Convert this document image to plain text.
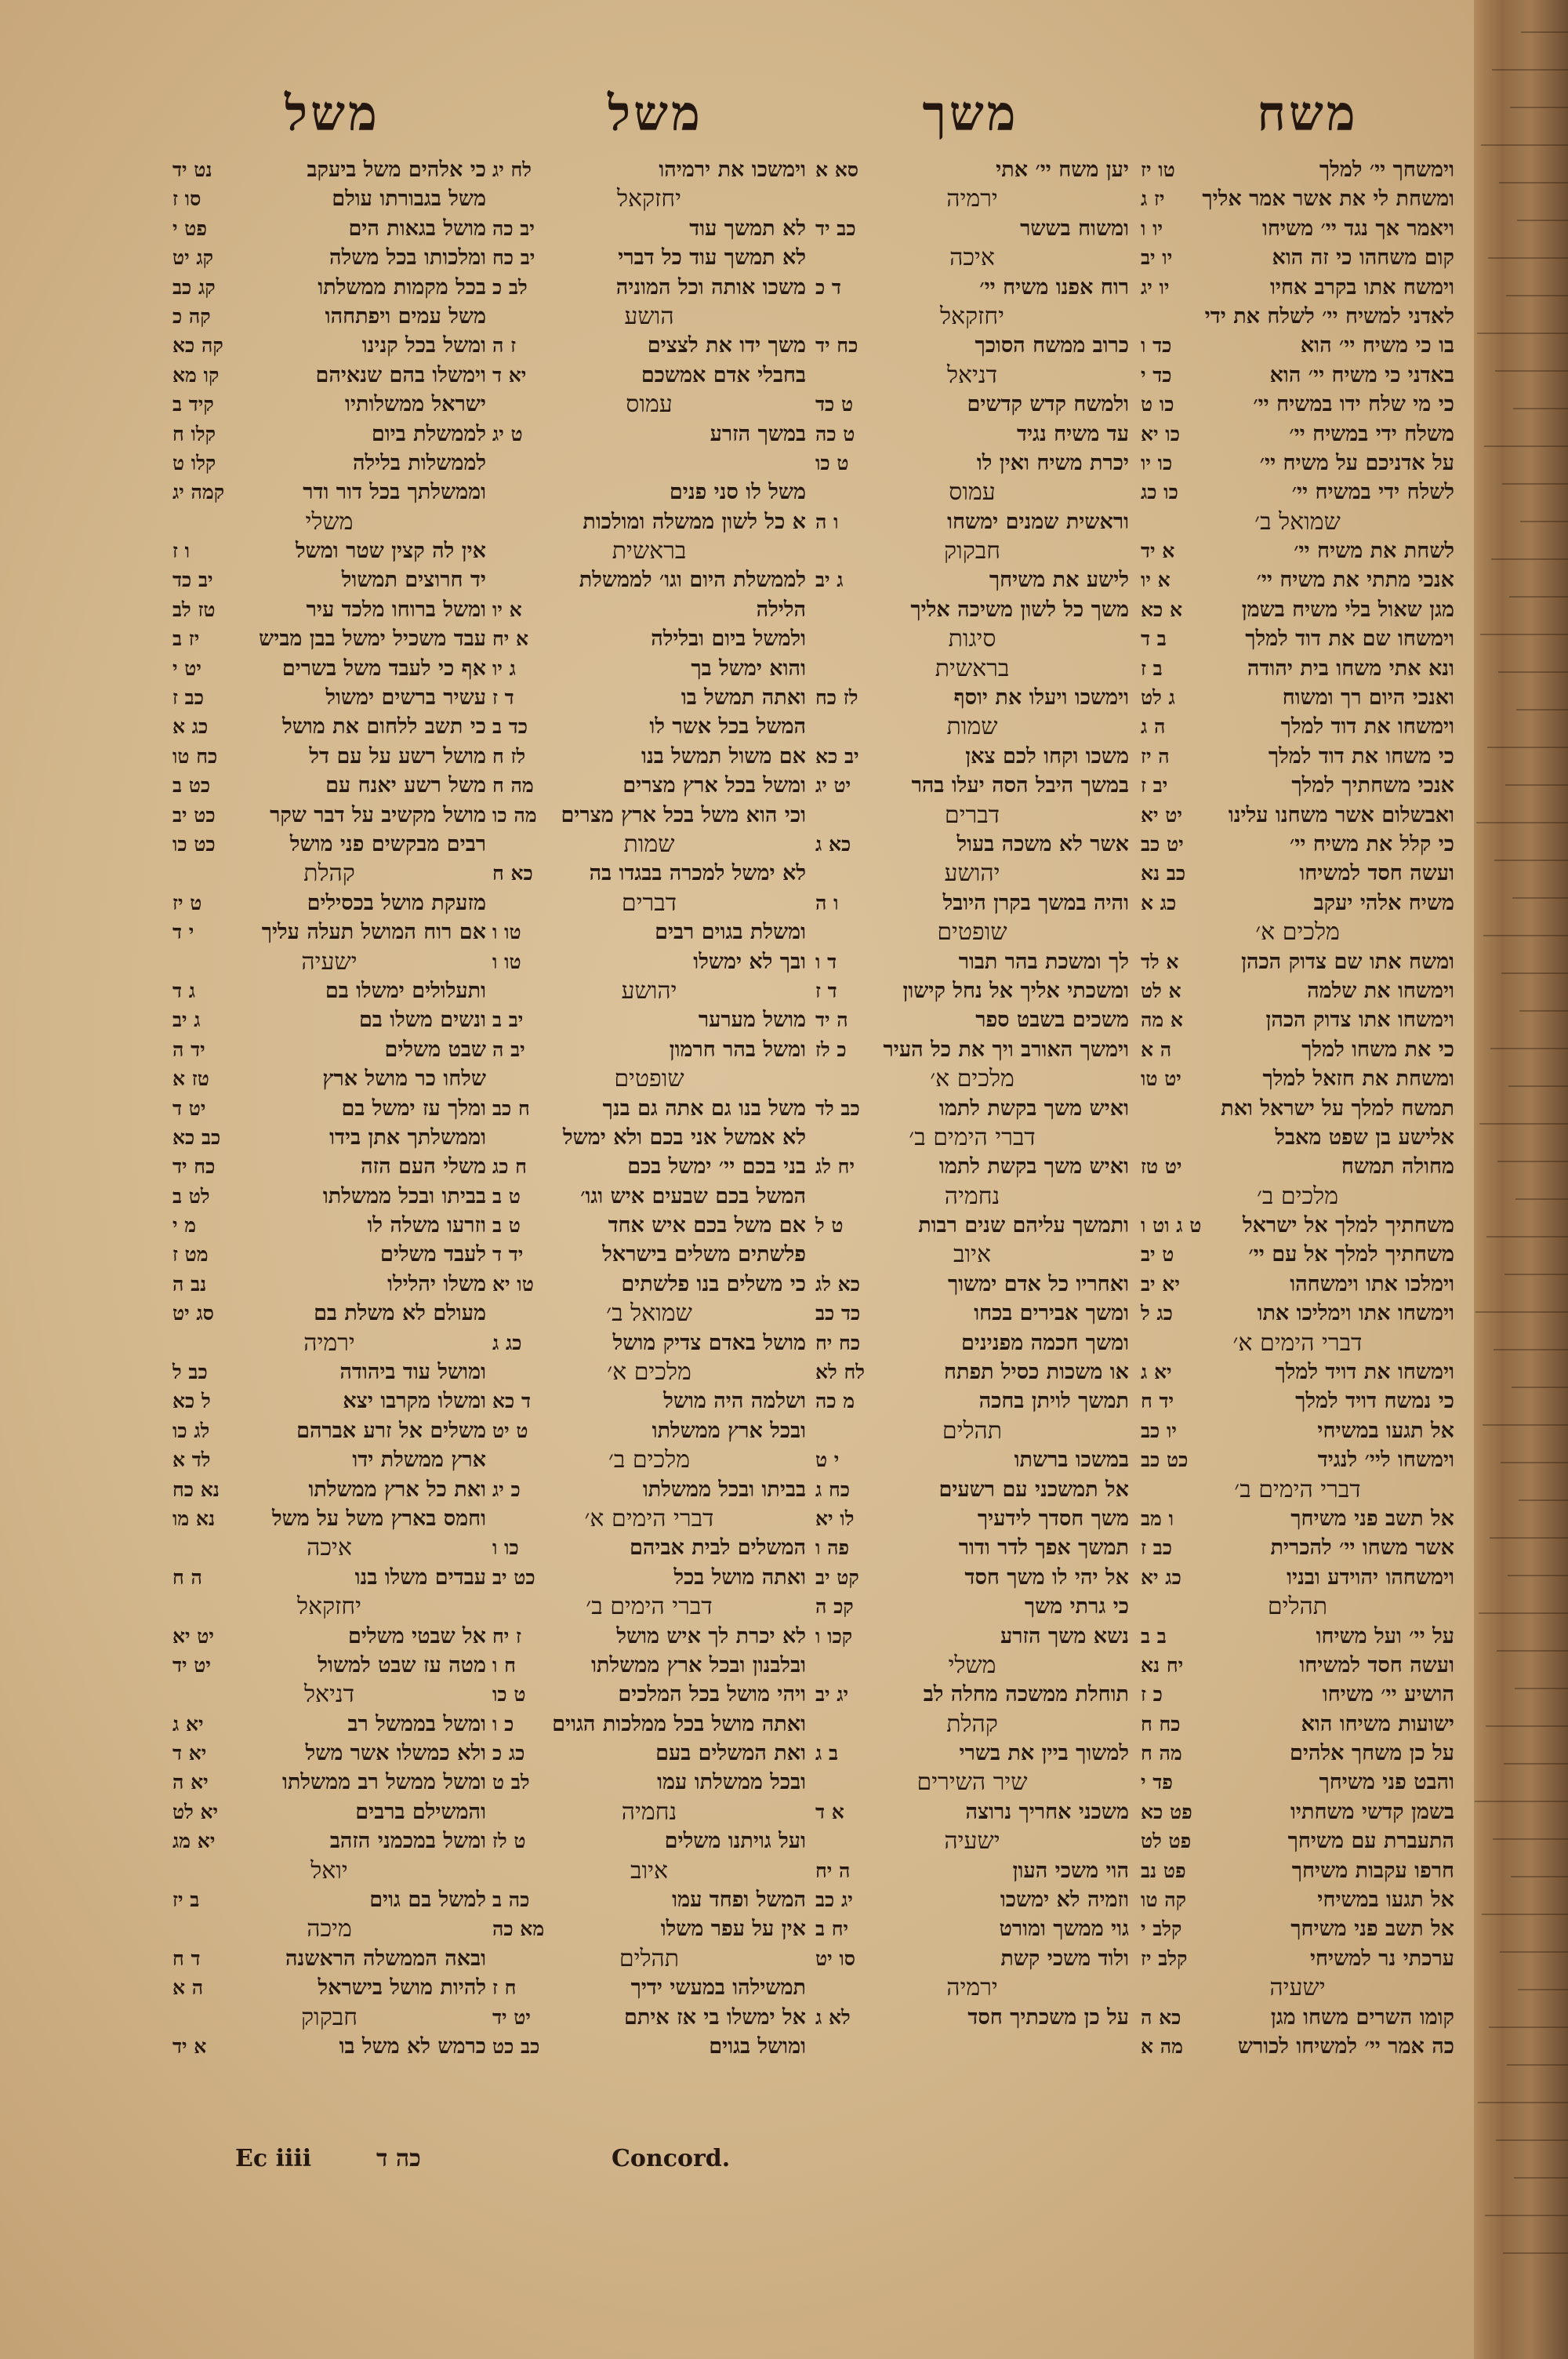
משח
משך
משל
משל
וימשחך יי׳ למלך
טו יז
ומשחת לי את אשר אמר אליך
יז ג
ויאמר אך נגד יי׳ משיחו
יו ו
קום משחהו כי זה הוא
יו יב
וימשח אתו בקרב אחיו
יו יג
לאדני למשיח יי׳ לשלח את ידי
בו כי משיח יי׳ הוא
כד ו
באדני כי משיח יי׳ הוא
כד י
כי מי שלח ידו במשיח יי׳
כו ט
משלח ידי במשיח יי׳
כו יא
על אדניכם על משיח יי׳
כו יו
לשלח ידי במשיח יי׳
כו כג
שמואל ב׳
לשחת את משיח יי׳
א יד
אנכי מתתי את משיח יי׳
א יו
מגן שאול בלי משיח בשמן
א כא
וימשחו שם את דוד למלך
ב ד
ונא אתי משחו בית יהודה
ב ז
ואנכי היום רך ומשוח
ג לט
וימשחו את דוד למלך
ה ג
כי משחו את דוד למלך
ה יז
אנכי משחתיך למלך
יב ז
ואבשלום אשר משחנו עלינו
יט יא
כי קלל את משיח יי׳
יט כב
ועשה חסד למשיחו
כב נא
משיח אלהי יעקב
כג א
מלכים א׳
ומשח אתו שם צדוק הכהן
א לד
וימשחו את שלמה
א לט
וימשחו אתו צדוק הכהן
א מה
כי את משחו למלך
ה א
ומשחת את חזאל למלך
יט טו
תמשח למלך על ישראל ואת
אלישע בן שפט מאבל
מחולה תמשח
יט טז
מלכים ב׳
משחתיך למלך אל ישראל
ט ג וט ו
משחתיך למלך אל עם יי׳
ט יב
וימלכו אתו וימשחהו
יא יב
וימשחו אתו וימליכו אתו
כג ל
דברי הימים א׳
וימשחו את דויד למלך
יא ג
כי נמשח דויד למלך
יד ח
אל תגעו במשיחי
יו כב
וימשחו ליי׳ לנגיד
כט כב
דברי הימים ב׳
אל תשב פני משיחך
ו מב
אשר משחו יי׳ להכרית
כב ז
וימשחהו יהוידע ובניו
כג יא
תהלים
על יי׳ ועל משיחו
ב ב
ועשה חסד למשיחו
יח נא
הושיע יי׳ משיחו
כ ז
ישועות משיחו הוא
כח ח
על כן משחך אלהים
מה ח
והבט פני משיחך
פד י
בשמן קדשי משחתיו
פט כא
התעברת עם משיחך
פט לט
חרפו עקבות משיחך
פט נב
אל תגעו במשיחי
קה טו
אל תשב פני משיחך
קלב י
ערכתי נר למשיחי
קלב יז
ישעיה
קומו השרים משחו מגן
כא ה
כה אמר יי׳ למשיחו לכורש
מה א
יען משח יי׳ אתי
סא א
ירמיה
ומשוח בששר
כב יד
איכה
רוח אפנו משיח יי׳
ד כ
יחזקאל
כרוב ממשח הסוכך
כח יד
דניאל
ולמשח קדש קדשים
ט כד
עד משיח נגיד
ט כה
יכרת משיח ואין לו
ט כו
עמוס
וראשית שמנים ימשחו
ו ה
חבקוק
לישע את משיחך
ג יב
משך כל לשון משיכה אליך
סיגות
בראשית
וימשכו ויעלו את יוסף
לז כח
שמות
משכו וקחו לכם צאן
יב כא
במשך היבל הסה יעלו בהר
יט יג
דברים
אשר לא משכה בעול
כא ג
יהושע
והיה במשך בקרן היובל
ו ה
שופטים
לך ומשכת בהר תבור
ד ו
ומשכתי אליך אל נחל קישון
ד ז
משכים בשבט ספר
ה יד
וימשך האורב ויך את כל העיר
כ לז
מלכים א׳
ואיש משך בקשת לתמו
כב לד
דברי הימים ב׳
ואיש משך בקשת לתמו
יח לג
נחמיה
ותמשך עליהם שנים רבות
ט ל
איוב
ואחריו כל אדם ימשוך
כא לג
ומשך אבירים בכחו
כד כב
ומשך חכמה מפנינים
כח יח
או משכות כסיל תפתח
לח לא
תמשך לויתן בחכה
מ כה
תהלים
במשכו ברשתו
י ט
אל תמשכני עם רשעים
כח ג
משך חסדך לידעיך
לו יא
תמשך אפך לדר ודור
פה ו
אל יהי לו משך חסד
קט יב
כי גרתי משך
קכ ה
נשא משך הזרע
קכו ו
משלי
תוחלת ממשכה מחלה לב
יג יב
קהלת
למשוך ביין את בשרי
ב ג
שיר השירים
משכני אחריך נרוצה
א ד
ישעיה
הוי משכי העון
ה יח
וזמיה לא ימשכו
יג כב
גוי ממשך ומורט
יח ב
ולוד משכי קשת
סו יט
ירמיה
על כן משכתיך חסד
לא ג
וימשכו את ירמיהו
לח יג
יחזקאל
לא תמשך עוד
יב כה
לא תמשך עוד כל דברי
יב כח
משכו אותה וכל המוניה
לב כ
הושע
משך ידו את לצצים
ז ה
בחבלי אדם אמשכם
יא ד
עמוס
במשך הזרע
ט יג
משל לו סני פנים
א כל לשון ממשלה ומולכות
בראשית
לממשלת היום וגו׳ לממשלת
הלילה
א יו
ולמשל ביום ובלילה
א יח
והוא ימשל בך
ג יו
ואתה תמשל בו
ד ז
המשל בכל אשר לו
כד ב
אם משול תמשל בנו
לז ח
ומשל בכל ארץ מצרים
מה ח
וכי הוא משל בכל ארץ מצרים
מה כו
שמות
לא ימשל למכרה בבגדו בה
כא ח
דברים
ומשלת בגוים רבים
טו ו
ובך לא ימשלו
טו ו
יהושע
מושל מערער
יב ב
ומשל בהר חרמון
יב ה
שופטים
משל בנו גם אתה גם בנך
ח כב
לא אמשל אני בכם ולא ימשל
בני בכם יי׳ ימשל בכם
ח כג
המשל בכם שבעים איש וגו׳
ט ב
אם משל בכם איש אחד
ט ב
פלשתים משלים בישראל
יד ד
כי משלים בנו פלשתים
טו יא
שמואל ב׳
מושל באדם צדיק מושל
כג ג
מלכים א׳
ושלמה היה מושל
ד כא
ובכל ארץ ממשלתו
ט יט
מלכים ב׳
בביתו ובכל ממשלתו
כ יג
דברי הימים א׳
המשלים לבית אביהם
כו ו
ואתה מושל בכל
כט יב
דברי הימים ב׳
לא יכרת לך איש מושל
ז יח
ובלבנון ובכל ארץ ממשלתו
ח ו
ויהי מושל בכל המלכים
ט כו
ואתה מושל בכל ממלכות הגוים
כ ו
ואת המשלים בעם
כג כ
ובכל ממשלתו עמו
לב ט
נחמיה
ועל גויתנו משלים
ט לז
איוב
המשל ופחד עמו
כה ב
אין על עפר משלו
מא כה
תהלים
תמשילהו במעשי ידיך
ח ז
אל ימשלו בי אז איתם
יט יד
ומושל בגוים
כב כט
כי אלהים משל ביעקב
נט יד
משל בגבורתו עולם
סו ז
מושל בגאות הים
פט י
ומלכותו בכל משלה
קג יט
בכל מקמות ממשלתו
קג כב
משל עמים ויפתחהו
קה כ
ומשל בכל קנינו
קה כא
וימשלו בהם שנאיהם
קו מא
ישראל ממשלותיו
קיד ב
לממשלת ביום
קלו ח
לממשלות בלילה
קלו ט
וממשלתך בכל דור ודר
קמה יג
משלי
אין לה קצין שטר ומשל
ו ז
יד חרוצים תמשול
יב כד
ומשל ברוחו מלכד עיר
טז לב
עבד משכיל ימשל בבן מביש
יז ב
אף כי לעבד משל בשרים
יט י
עשיר ברשים ימשול
כב ז
כי תשב ללחום את מושל
כג א
מושל רשע על עם דל
כח טו
משל רשע יאנח עם
כט ב
מושל מקשיב על דבר שקר
כט יב
רבים מבקשים פני מושל
כט כו
קהלת
מזעקת מושל בכסילים
ט יז
אם רוח המושל תעלה עליך
י ד
ישעיה
ותעלולים ימשלו בם
ג ד
ונשים משלו בם
ג יב
שבט משלים
יד ה
שלחו כר מושל ארץ
טז א
ומלך עז ימשל בם
יט ד
וממשלתך אתן בידו
כב כא
משלי העם הזה
כח יד
בביתו ובכל ממשלתו
לט ב
וזרעו משלה לו
מ י
לעבד משלים
מט ז
משלו יהלילו
נב ה
מעולם לא משלת בם
סג יט
ירמיה
ומושל עוד ביהודה
כב ל
ומשלו מקרבו יצא
ל כא
משלים אל זרע אברהם
לג כו
ארץ ממשלת ידו
לד א
ואת כל ארץ ממשלתו
נא כח
וחמס בארץ משל על משל
נא מו
איכה
עבדים משלו בנו
ה ח
יחזקאל
אל שבטי משלים
יט יא
מטה עז שבט למשול
יט יד
דניאל
ומשל בממשל רב
יא ג
ולא כמשלו אשר משל
יא ד
ומשל ממשל רב ממשלתו
יא ה
והמשילם ברבים
יא לט
ומשל במכמני הזהב
יא מג
יואל
למשל בם גוים
ב יז
מיכה
ובאה הממשלה הראשנה
ד ח
להיות מושל בישראל
ה א
חבקוק
כרמש לא משל בו
א יד
Ec iiii	כה ד	Concord.
